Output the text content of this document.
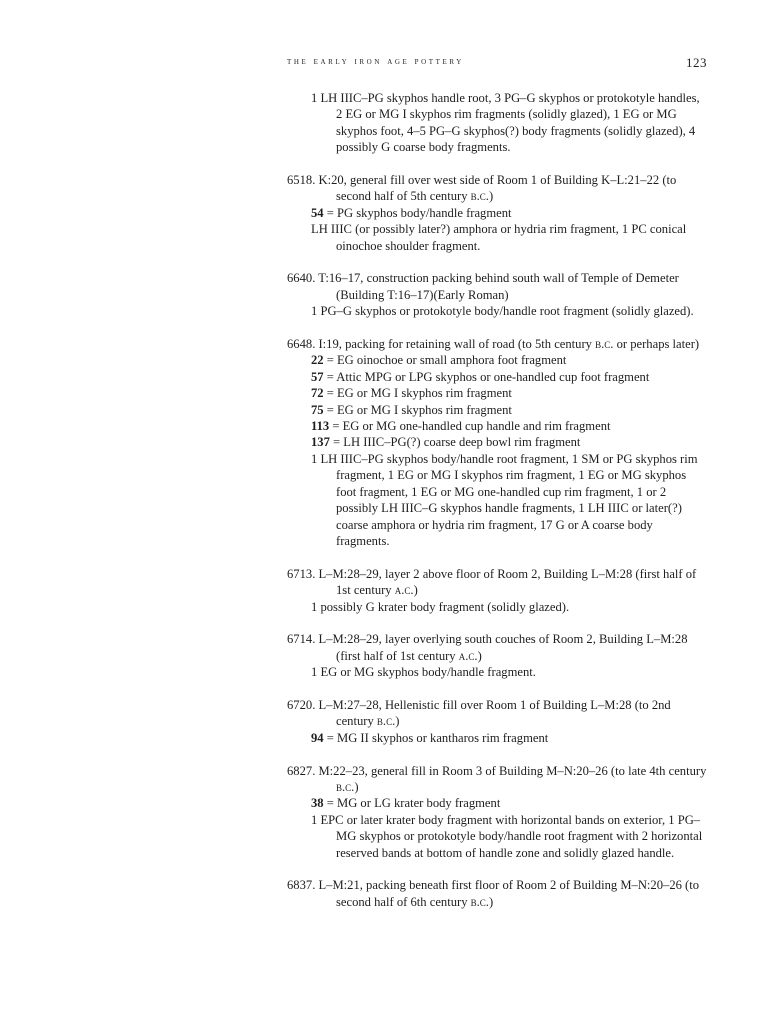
the early iron age pottery	123
1 LH IIIC–PG skyphos handle root, 3 PG–G skyphos or protokotyle handles, 2 EG or MG I skyphos rim fragments (solidly glazed), 1 EG or MG skyphos foot, 4–5 PG–G skyphos(?) body fragments (solidly glazed), 4 possibly G coarse body fragments.
6518. K:20, general fill over west side of Room 1 of Building K–L:21–22 (to second half of 5th century b.c.)
54 = PG skyphos body/handle fragment
LH IIIC (or possibly later?) amphora or hydria rim fragment, 1 PC conical oinochoe shoulder fragment.
6640. T:16–17, construction packing behind south wall of Temple of Demeter (Building T:16–17)(Early Roman)
1 PG–G skyphos or protokotyle body/handle root fragment (solidly glazed).
6648. I:19, packing for retaining wall of road (to 5th century b.c. or perhaps later)
22 = EG oinochoe or small amphora foot fragment
57 = Attic MPG or LPG skyphos or one-handled cup foot fragment
72 = EG or MG I skyphos rim fragment
75 = EG or MG I skyphos rim fragment
113 = EG or MG one-handled cup handle and rim fragment
137 = LH IIIC–PG(?) coarse deep bowl rim fragment
1 LH IIIC–PG skyphos body/handle root fragment, 1 SM or PG skyphos rim fragment, 1 EG or MG I skyphos rim fragment, 1 EG or MG skyphos foot fragment, 1 EG or MG one-handled cup rim fragment, 1 or 2 possibly LH IIIC–G skyphos handle fragments, 1 LH IIIC or later(?) coarse amphora or hydria rim fragment, 17 G or A coarse body fragments.
6713. L–M:28–29, layer 2 above floor of Room 2, Building L–M:28 (first half of 1st century a.c.)
1 possibly G krater body fragment (solidly glazed).
6714. L–M:28–29, layer overlying south couches of Room 2, Building L–M:28 (first half of 1st century a.c.)
1 EG or MG skyphos body/handle fragment.
6720. L–M:27–28, Hellenistic fill over Room 1 of Building L–M:28 (to 2nd century b.c.)
94 = MG II skyphos or kantharos rim fragment
6827. M:22–23, general fill in Room 3 of Building M–N:20–26 (to late 4th century b.c.)
38 = MG or LG krater body fragment
1 EPC or later krater body fragment with horizontal bands on exterior, 1 PG–MG skyphos or protokotyle body/handle root fragment with 2 horizontal reserved bands at bottom of handle zone and solidly glazed handle.
6837. L–M:21, packing beneath first floor of Room 2 of Building M–N:20–26 (to second half of 6th century b.c.)
